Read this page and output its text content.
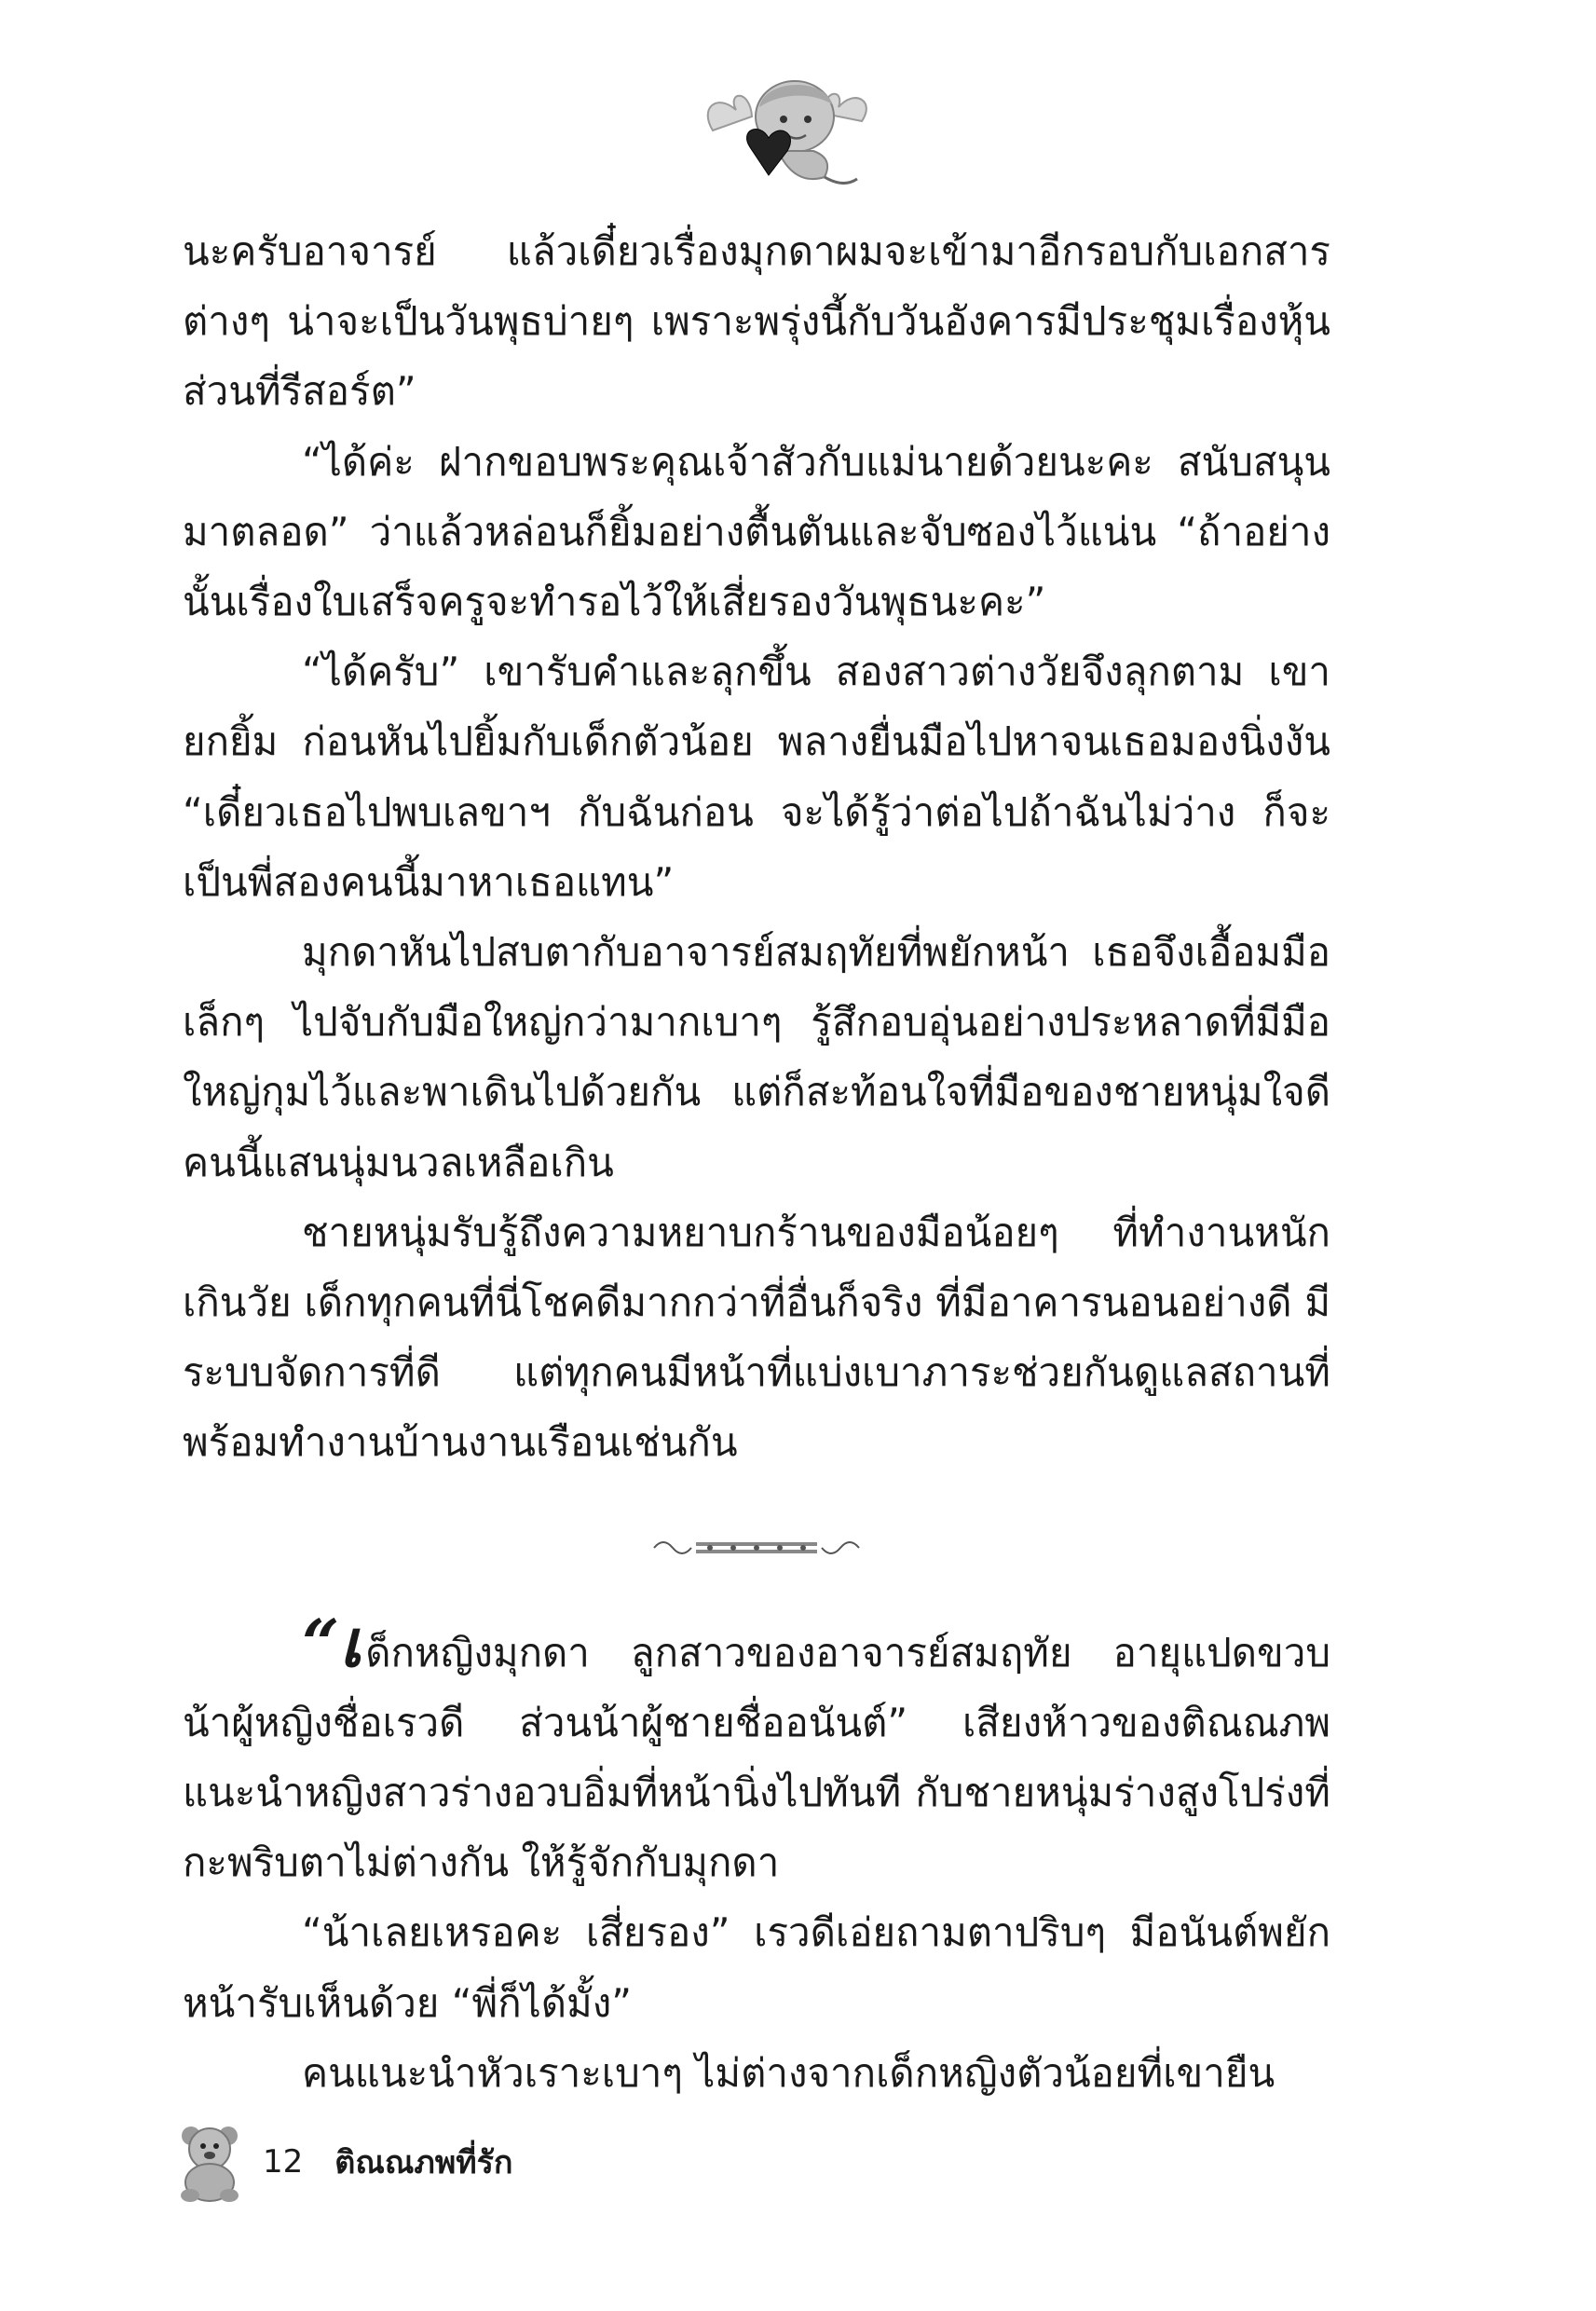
นะครับอาจารย์ แล้วเดี๋ยวเรื่องมุกดาผมจะเข้ามาอีกรอบกับเอกสารต่างๆ น่าจะเป็นวันพุธบ่ายๆ เพราะพรุ่งนี้กับวันอังคารมีประชุมเรื่องหุ้นส่วนที่รีสอร์ต”

“ได้ค่ะ ฝากขอบพระคุณเจ้าสัวกับแม่นายด้วยนะคะ สนับสนุนมาตลอด” ว่าแล้วหล่อนก็ยิ้มอย่างตื้นตันและจับซองไว้แน่น “ถ้าอย่างนั้นเรื่องใบเสร็จครูจะทำรอไว้ให้เสี่ยรองวันพุธนะคะ”

“ได้ครับ” เขารับคำและลุกขึ้น สองสาวต่างวัยจึงลุกตาม เขายกยิ้ม ก่อนหันไปยิ้มกับเด็กตัวน้อย พลางยื่นมือไปหาจนเธอมองนิ่งงัน “เดี๋ยวเธอไปพบเลขาฯ กับฉันก่อน จะได้รู้ว่าต่อไปถ้าฉันไม่ว่าง ก็จะเป็นพี่สองคนนี้มาหาเธอแทน”

มุกดาหันไปสบตากับอาจารย์สมฤทัยที่พยักหน้า เธอจึงเอื้อมมือเล็กๆ ไปจับกับมือใหญ่กว่ามากเบาๆ รู้สึกอบอุ่นอย่างประหลาดที่มีมือใหญ่กุมไว้และพาเดินไปด้วยกัน แต่ก็สะท้อนใจที่มือของชายหนุ่มใจดีคนนี้แสนนุ่มนวลเหลือเกิน

ชายหนุ่มรับรู้ถึงความหยาบกร้านของมือน้อยๆ ที่ทำงานหนักเกินวัย เด็กทุกคนที่นี่โชคดีมากกว่าที่อื่นก็จริง ที่มีอาคารนอนอย่างดี มีระบบจัดการที่ดี แต่ทุกคนมีหน้าที่แบ่งเบาภาระช่วยกันดูแลสถานที่พร้อมทำงานบ้านงานเรือนเช่นกัน

“เด็กหญิงมุกดา ลูกสาวของอาจารย์สมฤทัย อายุแปดขวบ น้าผู้หญิงชื่อเรวดี ส่วนน้าผู้ชายชื่ออนันต์” เสียงห้าวของติณณภพแนะนำหญิงสาวร่างอวบอิ่มที่หน้านิ่งไปทันที กับชายหนุ่มร่างสูงโปร่งที่กะพริบตาไม่ต่างกัน ให้รู้จักกับมุกดา

“น้าเลยเหรอคะ เสี่ยรอง” เรวดีเอ่ยถามตาปริบๆ มีอนันต์พยักหน้ารับเห็นด้วย “พี่ก็ได้มั้ง”

คนแนะนำหัวเราะเบาๆ ไม่ต่างจากเด็กหญิงตัวน้อยที่เขายืน

12 ติณณภพที่รัก
